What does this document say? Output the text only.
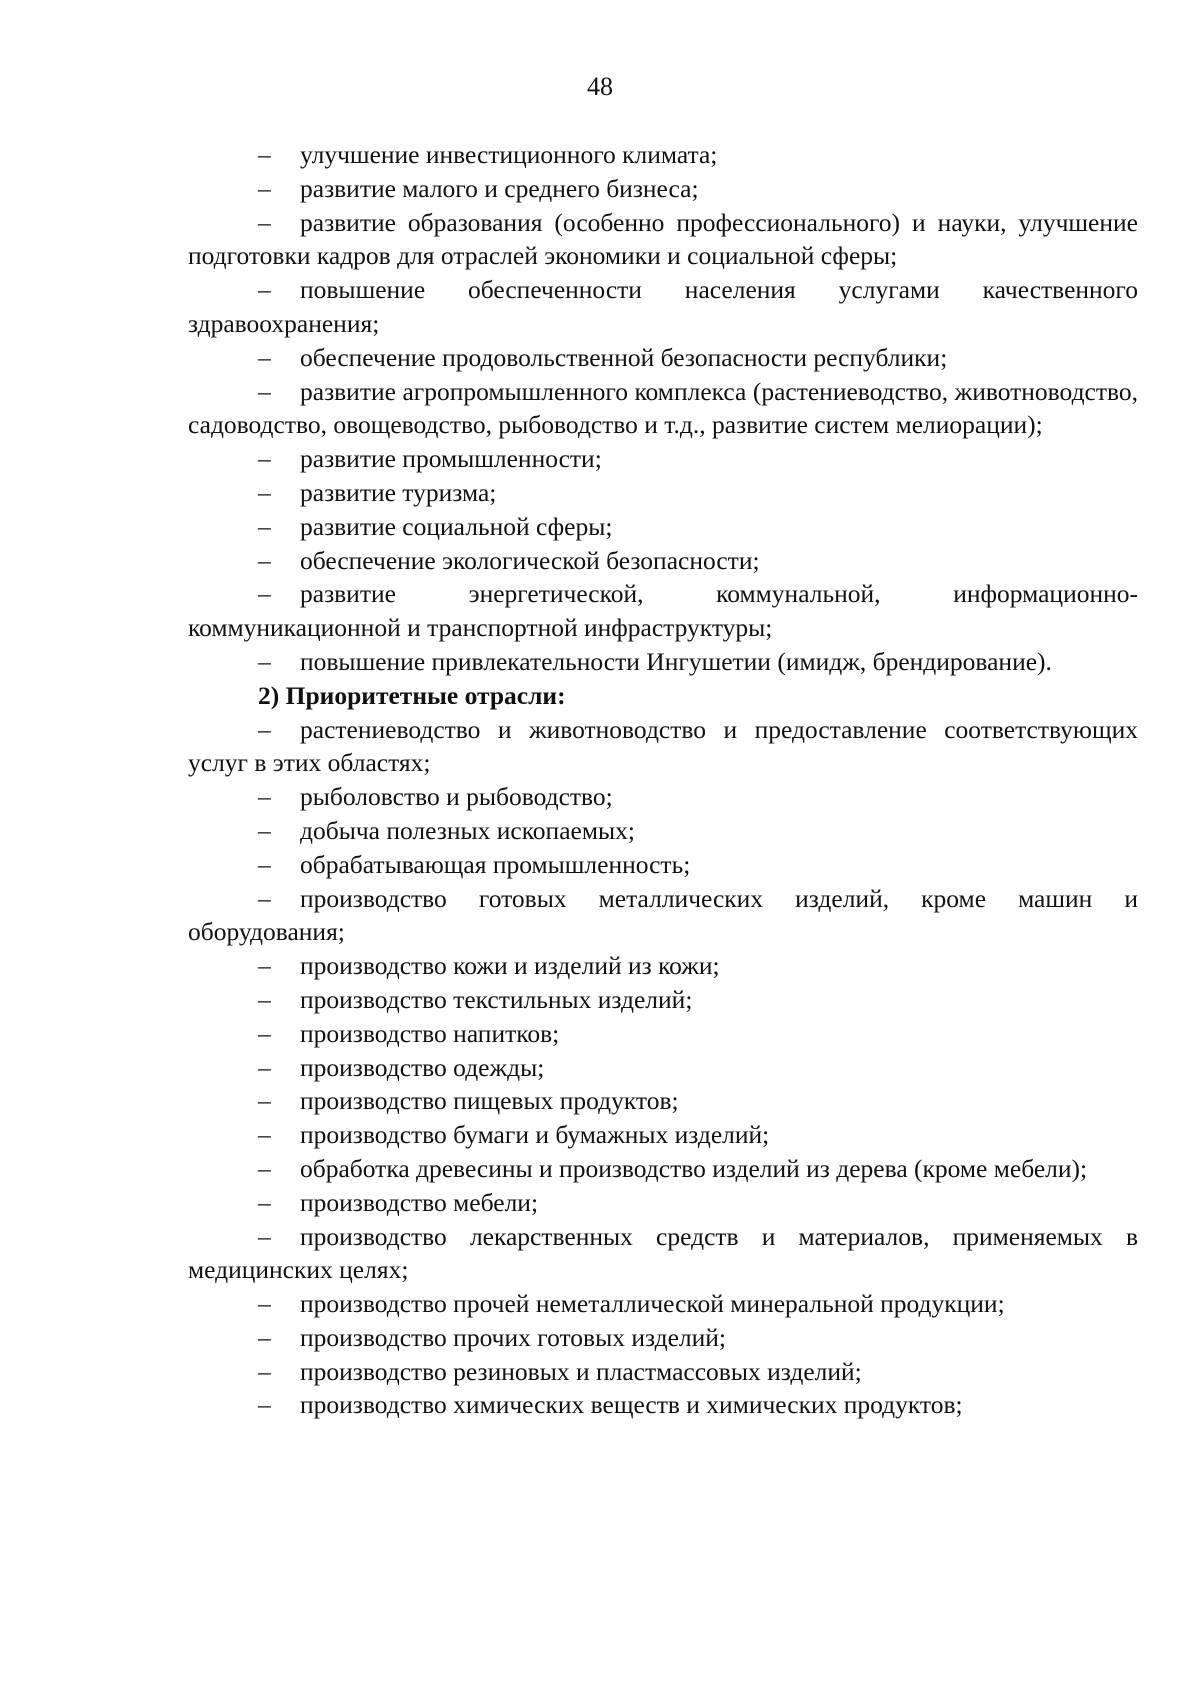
48

– улучшение инвестиционного климата;

– развитие малого и среднего бизнеса;

– развитие образования (особенно профессионального) и науки, улучшение подготовки кадров для отраслей экономики и социальной сферы;

– повышение обеспеченности населения услугами качественного здравоохранения;

– обеспечение продовольственной безопасности республики;

– развитие агропромышленного комплекса (растениеводство, животноводство, садоводство, овощеводство, рыбоводство и т.д., развитие систем мелиорации);

– развитие промышленности;

– развитие туризма;

– развитие социальной сферы;

– обеспечение экологической безопасности;

– развитие энергетической, коммунальной, информационно-коммуникационной и транспортной инфраструктуры;

– повышение привлекательности Ингушетии (имидж, брендирование).

2) Приоритетные отрасли:

– растениеводство и животноводство и предоставление соответствующих услуг в этих областях;

– рыболовство и рыбоводство;

– добыча полезных ископаемых;

– обрабатывающая промышленность;

– производство готовых металлических изделий, кроме машин и оборудования;

– производство кожи и изделий из кожи;

– производство текстильных изделий;

– производство напитков;

– производство одежды;

– производство пищевых продуктов;

– производство бумаги и бумажных изделий;

– обработка древесины и производство изделий из дерева (кроме мебели);

– производство мебели;

– производство лекарственных средств и материалов, применяемых в медицинских целях;

– производство прочей неметаллической минеральной продукции;

– производство прочих готовых изделий;

– производство резиновых и пластмассовых изделий;

– производство химических веществ и химических продуктов;
